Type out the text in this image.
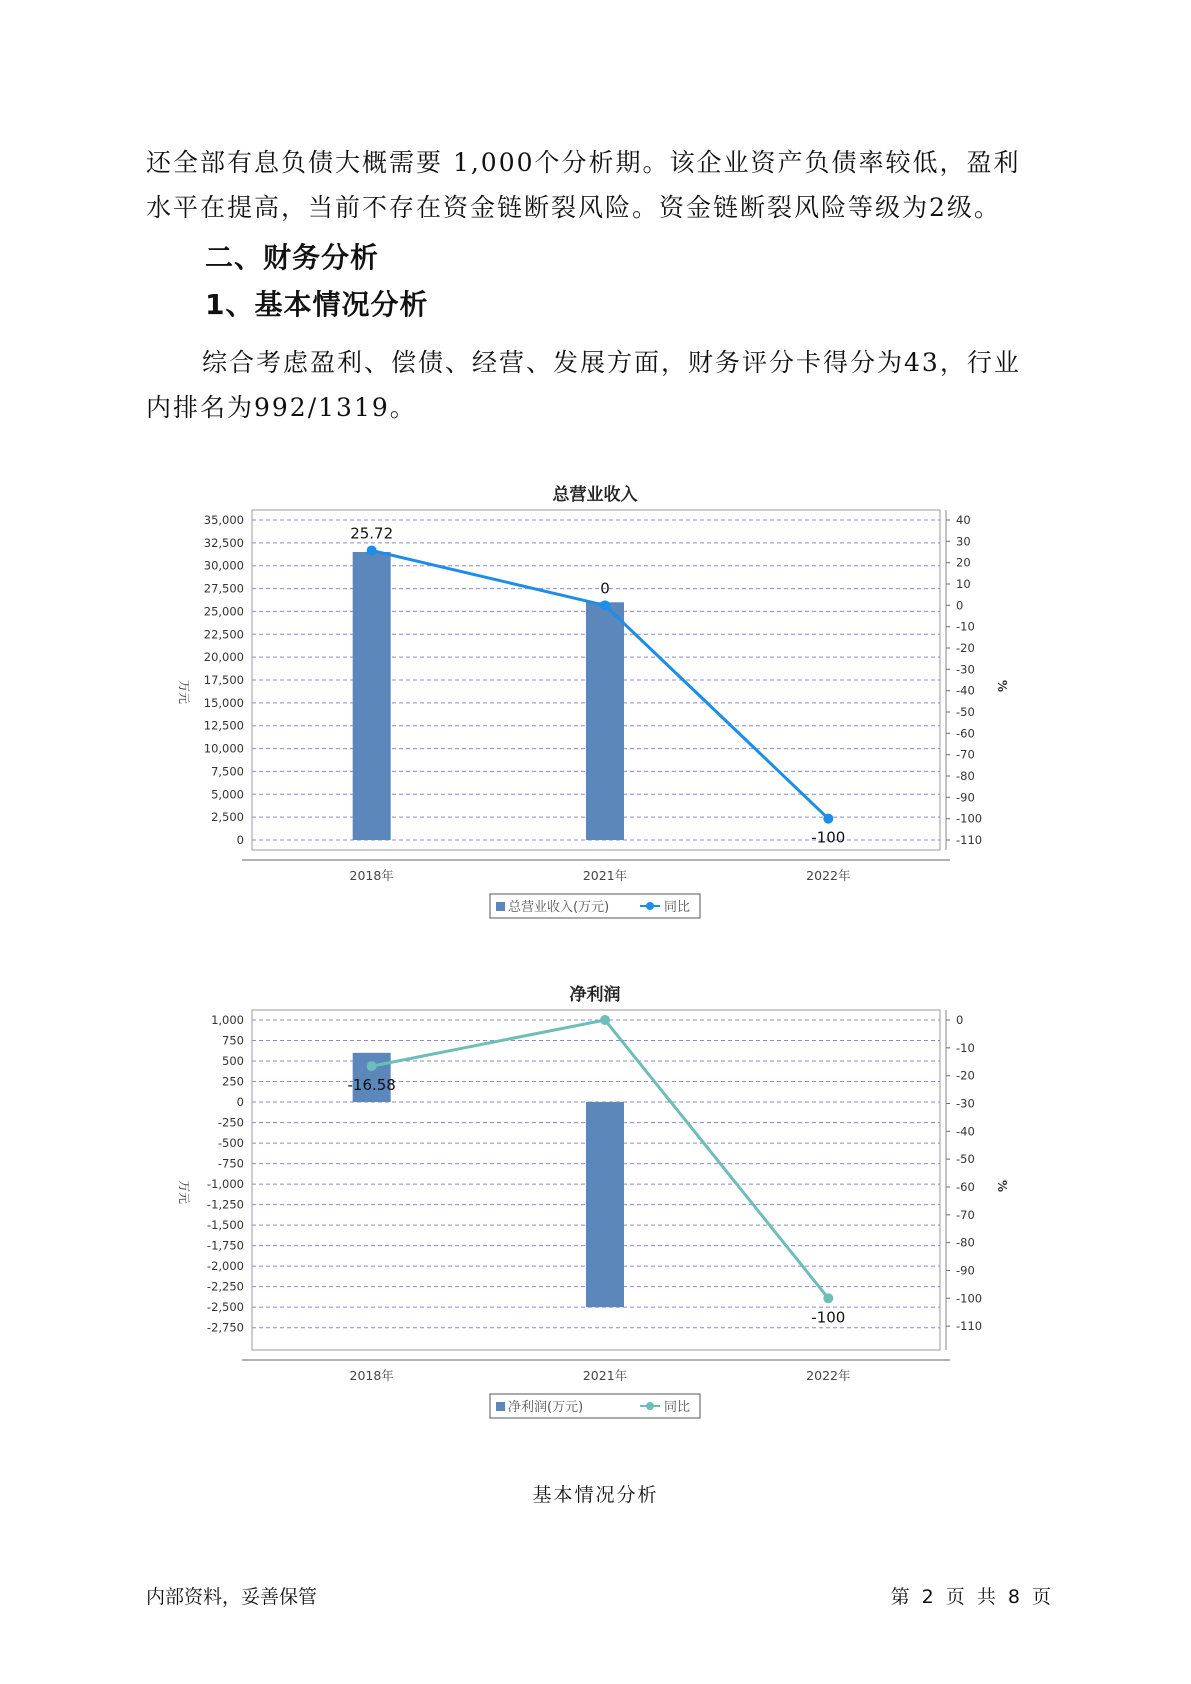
还全部有息负债大概需要 1,000个分析期。该企业资产负债率较低，盈利水平在提高，当前不存在资金链断裂风险。资金链断裂风险等级为2级。

二、财务分析
1、基本情况分析

综合考虑盈利、偿债、经营、发展方面，财务评分卡得分为43，行业内排名为992/1319。

总营业收入
0
2,500
5,000
7,500
10,000
12,500
15,000
17,500
20,000
22,500
25,000
27,500
30,000
32,500
35,000	40
30
20
10
0
-10
-20
-30
-40
-50
-60
-70
-80
-90
-100
-110
万元	%
2018年	2021年	2022年
25.72
0
-100
总营业收入(万元)	同比
净利润
1,000
750
500
250
0
-250
-500
-750
-1,000
-1,250
-1,500
-1,750
-2,000
-2,250
-2,500
-2,750
0
-10
-20
-30
-40
-50
-60
-70
-80
-90
-100
-110
万元	%
2018年	2021年	2022年
-16.58
-100
净利润(万元)	同比
基本情况分析
内部资料，妥善保管	第 2 页 共 8 页
